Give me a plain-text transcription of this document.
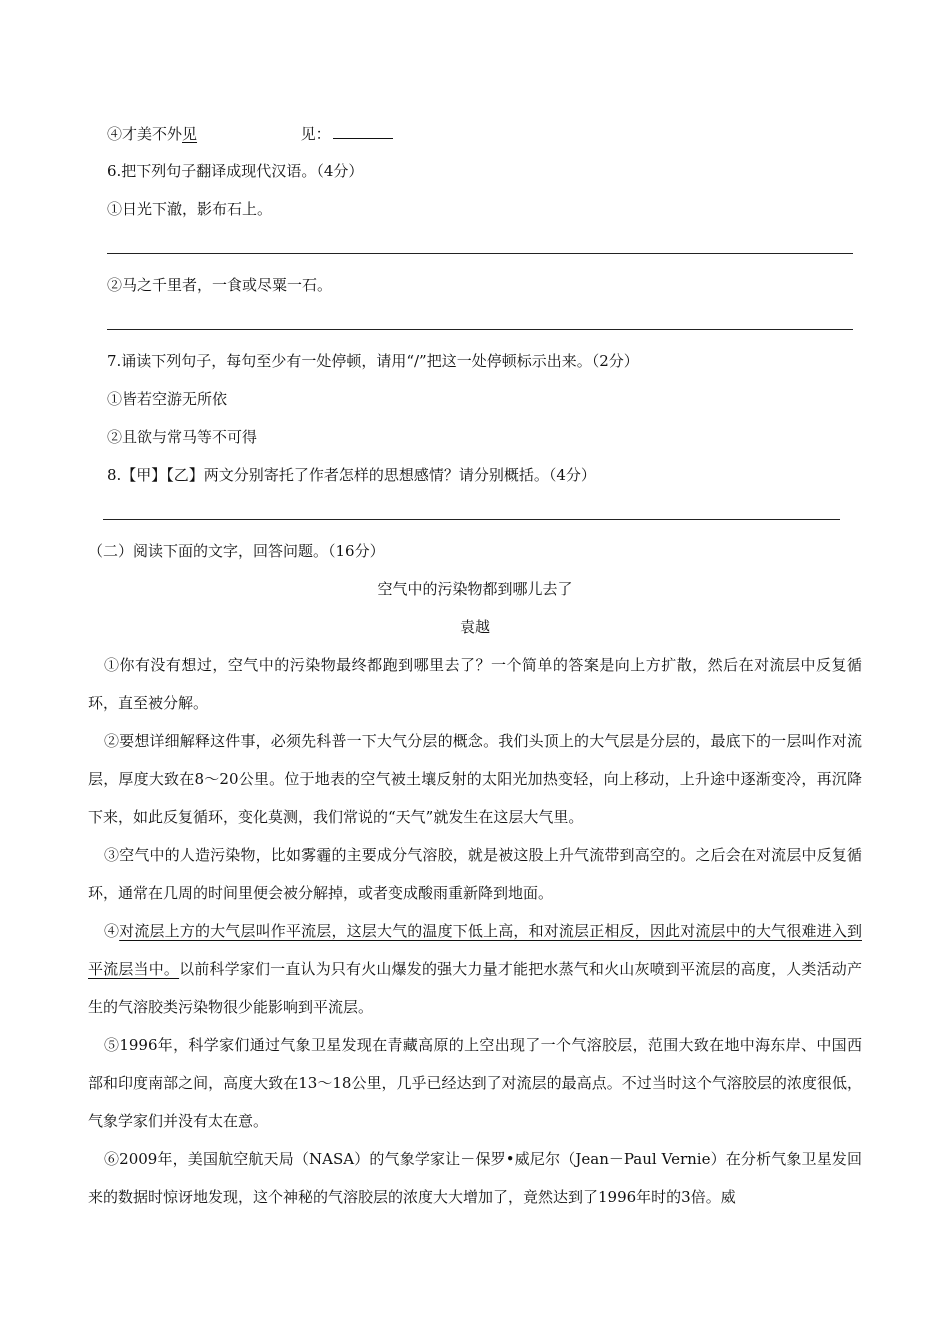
④才美不外见	见：
6.把下列句子翻译成现代汉语。（4分）
①日光下澈，影布石上。
②马之千里者，一食或尽粟一石。
7.诵读下列句子，每句至少有一处停顿，请用“/”把这一处停顿标示出来。（2分）
①皆若空游无所依
②且欲与常马等不可得
8.【甲】【乙】两文分别寄托了作者怎样的思想感情？请分别概括。（4分）
（二）阅读下面的文字，回答问题。（16分）
空气中的污染物都到哪儿去了
袁越
①你有没有想过，空气中的污染物最终都跑到哪里去了？一个简单的答案是向上方扩散，然后在对流层中反复循环，直至被分解。
②要想详细解释这件事，必须先科普一下大气分层的概念。我们头顶上的大气层是分层的，最底下的一层叫作对流层，厚度大致在8～20公里。位于地表的空气被土壤反射的太阳光加热变轻，向上移动，上升途中逐渐变冷，再沉降下来，如此反复循环，变化莫测，我们常说的“天气”就发生在这层大气里。
③空气中的人造污染物，比如雾霾的主要成分气溶胶，就是被这股上升气流带到高空的。之后会在对流层中反复循环，通常在几周的时间里便会被分解掉，或者变成酸雨重新降到地面。
④对流层上方的大气层叫作平流层，这层大气的温度下低上高，和对流层正相反，因此对流层中的大气很难进入到平流层当中。以前科学家们一直认为只有火山爆发的强大力量才能把水蒸气和火山灰喷到平流层的高度，人类活动产生的气溶胶类污染物很少能影响到平流层。
⑤1996年，科学家们通过气象卫星发现在青藏高原的上空出现了一个气溶胶层，范围大致在地中海东岸、中国西部和印度南部之间，高度大致在13～18公里，几乎已经达到了对流层的最高点。不过当时这个气溶胶层的浓度很低，气象学家们并没有太在意。
⑥2009年，美国航空航天局（NASA）的气象学家让－保罗•威尼尔（Jean－Paul Vernie）在分析气象卫星发回来的数据时惊讶地发现，这个神秘的气溶胶层的浓度大大增加了，竟然达到了1996年时的3倍。威
